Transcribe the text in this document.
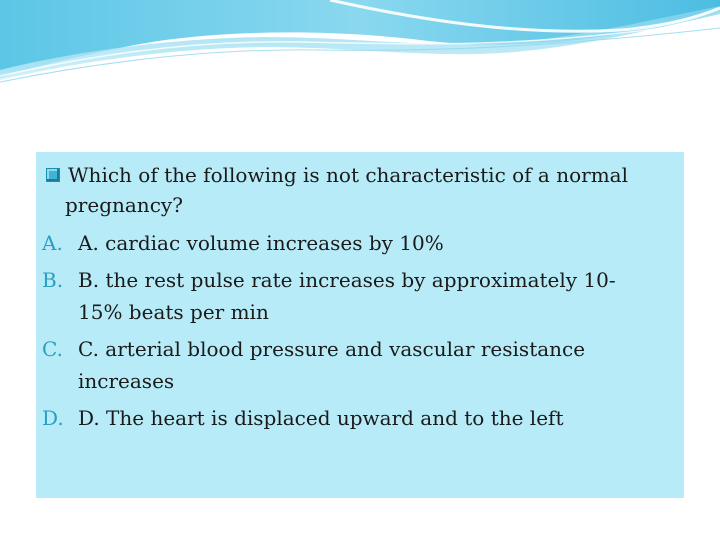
Which of the following is not characteristic of a normal
pregnancy?
A. A. cardiac volume increases by 10%
B. B. the rest pulse rate increases by approximately 10-15% beats per min
C. C. arterial blood pressure and vascular resistance increases
D. D. The heart is displaced upward and to the left
